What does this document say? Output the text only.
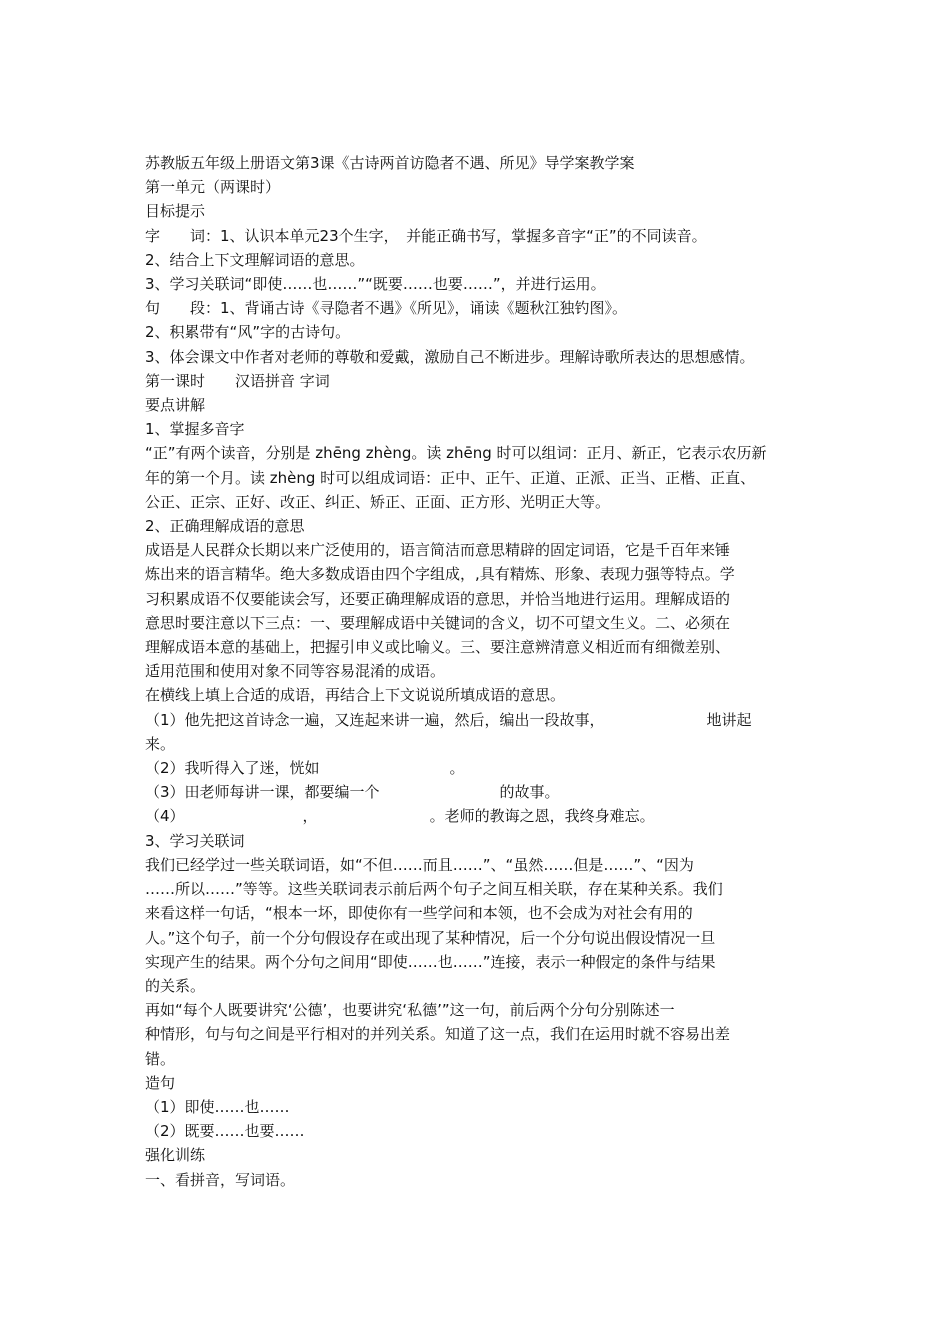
苏教版五年级上册语文第3课《古诗两首访隐者不遇、所见》导学案教学案

第一单元（两课时）

目标提示

字　　词：1、认识本单元23个生字，　并能正确书写，掌握多音字“正”的不同读音。

2、结合上下文理解词语的意思。

3、学习关联词“即使……也……”“既要……也要……”，并进行运用。

句　　段：1、背诵古诗《寻隐者不遇》《所见》，诵读《题秋江独钓图》。

2、积累带有“风”字的古诗句。

3、体会课文中作者对老师的尊敬和爱戴，激励自己不断进步。理解诗歌所表达的思想感情。

第一课时　　汉语拼音 字词

要点讲解

1、掌握多音字

“正”有两个读音，分别是 zhēng zhèng。读 zhēng 时可以组词：正月、新正，它表示农历新

年的第一个月。读 zhèng 时可以组成词语：正中、正午、正道、正派、正当、正楷、正直、

公正、正宗、正好、改正、纠正、矫正、正面、正方形、光明正大等。

2、正确理解成语的意思

成语是人民群众长期以来广泛使用的，语言简洁而意思精辟的固定词语，它是千百年来锤

炼出来的语言精华。绝大多数成语由四个字组成，,具有精炼、形象、表现力强等特点。学

习积累成语不仅要能读会写，还要正确理解成语的意思，并恰当地进行运用。理解成语的

意思时要注意以下三点：一、要理解成语中关键词的含义，切不可望文生义。二、必须在

理解成语本意的基础上，把握引申义或比喻义。三、要注意辨清意义相近而有细微差别、

适用范围和使用对象不同等容易混淆的成语。

在横线上填上合适的成语，再结合上下文说说所填成语的意思。

（1）他先把这首诗念一遍，又连起来讲一遍，然后，编出一段故事，	地讲起

来。

（2）我听得入了迷，恍如	。

（3）田老师每讲一课，都要编一个	的故事。

（4）	，	。老师的教诲之恩，我终身难忘。

3、学习关联词

我们已经学过一些关联词语，如“不但……而且……”、“虽然……但是……”、“因为

……所以……”等等。这些关联词表示前后两个句子之间互相关联，存在某种关系。我们

来看这样一句话，“根本一坏，即使你有一些学问和本领，也不会成为对社会有用的

人。”这个句子，前一个分句假设存在或出现了某种情况，后一个分句说出假设情况一旦

实现产生的结果。两个分句之间用“即使……也……”连接，表示一种假定的条件与结果

的关系。

再如“每个人既要讲究‘公德’，也要讲究‘私德’”这一句，前后两个分句分别陈述一

种情形，句与句之间是平行相对的并列关系。知道了这一点，我们在运用时就不容易出差

错。

造句

（1）即使……也……

（2）既要……也要……

强化训练

一、看拼音，写词语。
